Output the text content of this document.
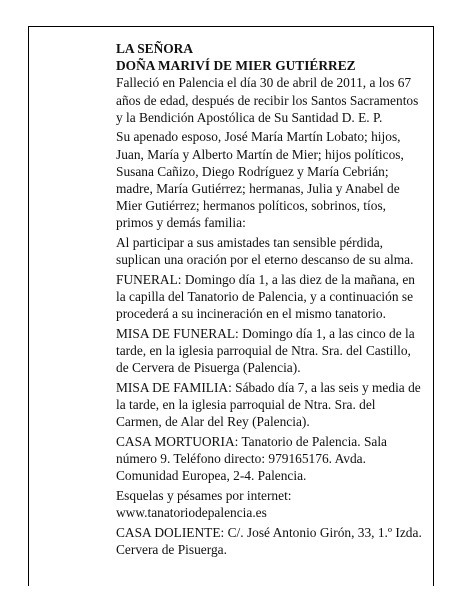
LA SEÑORA
DOÑA MARIVÍ DE MIER GUTIÉRREZ

Falleció en Palencia el día 30 de abril de 2011, a los 67 años de edad, después de recibir los Santos Sacramentos y la Bendición Apostólica de Su Santidad D. E. P.

Su apenado esposo, José María Martín Lobato; hijos, Juan, María y Alberto Martín de Mier; hijos políticos, Susana Cañizo, Diego Rodríguez y María Cebrián; madre, María Gutiérrez; hermanas, Julia y Anabel de Mier Gutiérrez; hermanos políticos, sobrinos, tíos, primos y demás familia:

Al participar a sus amistades tan sensible pérdida, suplican una oración por el eterno descanso de su alma.

FUNERAL: Domingo día 1, a las diez de la mañana, en la capilla del Tanatorio de Palencia, y a continuación se procederá a su incineración en el mismo tanatorio.

MISA DE FUNERAL: Domingo día 1, a las cinco de la tarde, en la iglesia parroquial de Ntra. Sra. del Castillo, de Cervera de Pisuerga (Palencia).

MISA DE FAMILIA: Sábado día 7, a las seis y media de la tarde, en la iglesia parroquial de Ntra. Sra. del Carmen, de Alar del Rey (Palencia).

CASA MORTUORIA: Tanatorio de Palencia. Sala número 9. Teléfono directo: 979165176. Avda. Comunidad Europea, 2-4. Palencia.

Esquelas y pésames por internet: www.tanatoriodepalencia.es

CASA DOLIENTE: C/. José Antonio Girón, 33, 1.º Izda. Cervera de Pisuerga.
